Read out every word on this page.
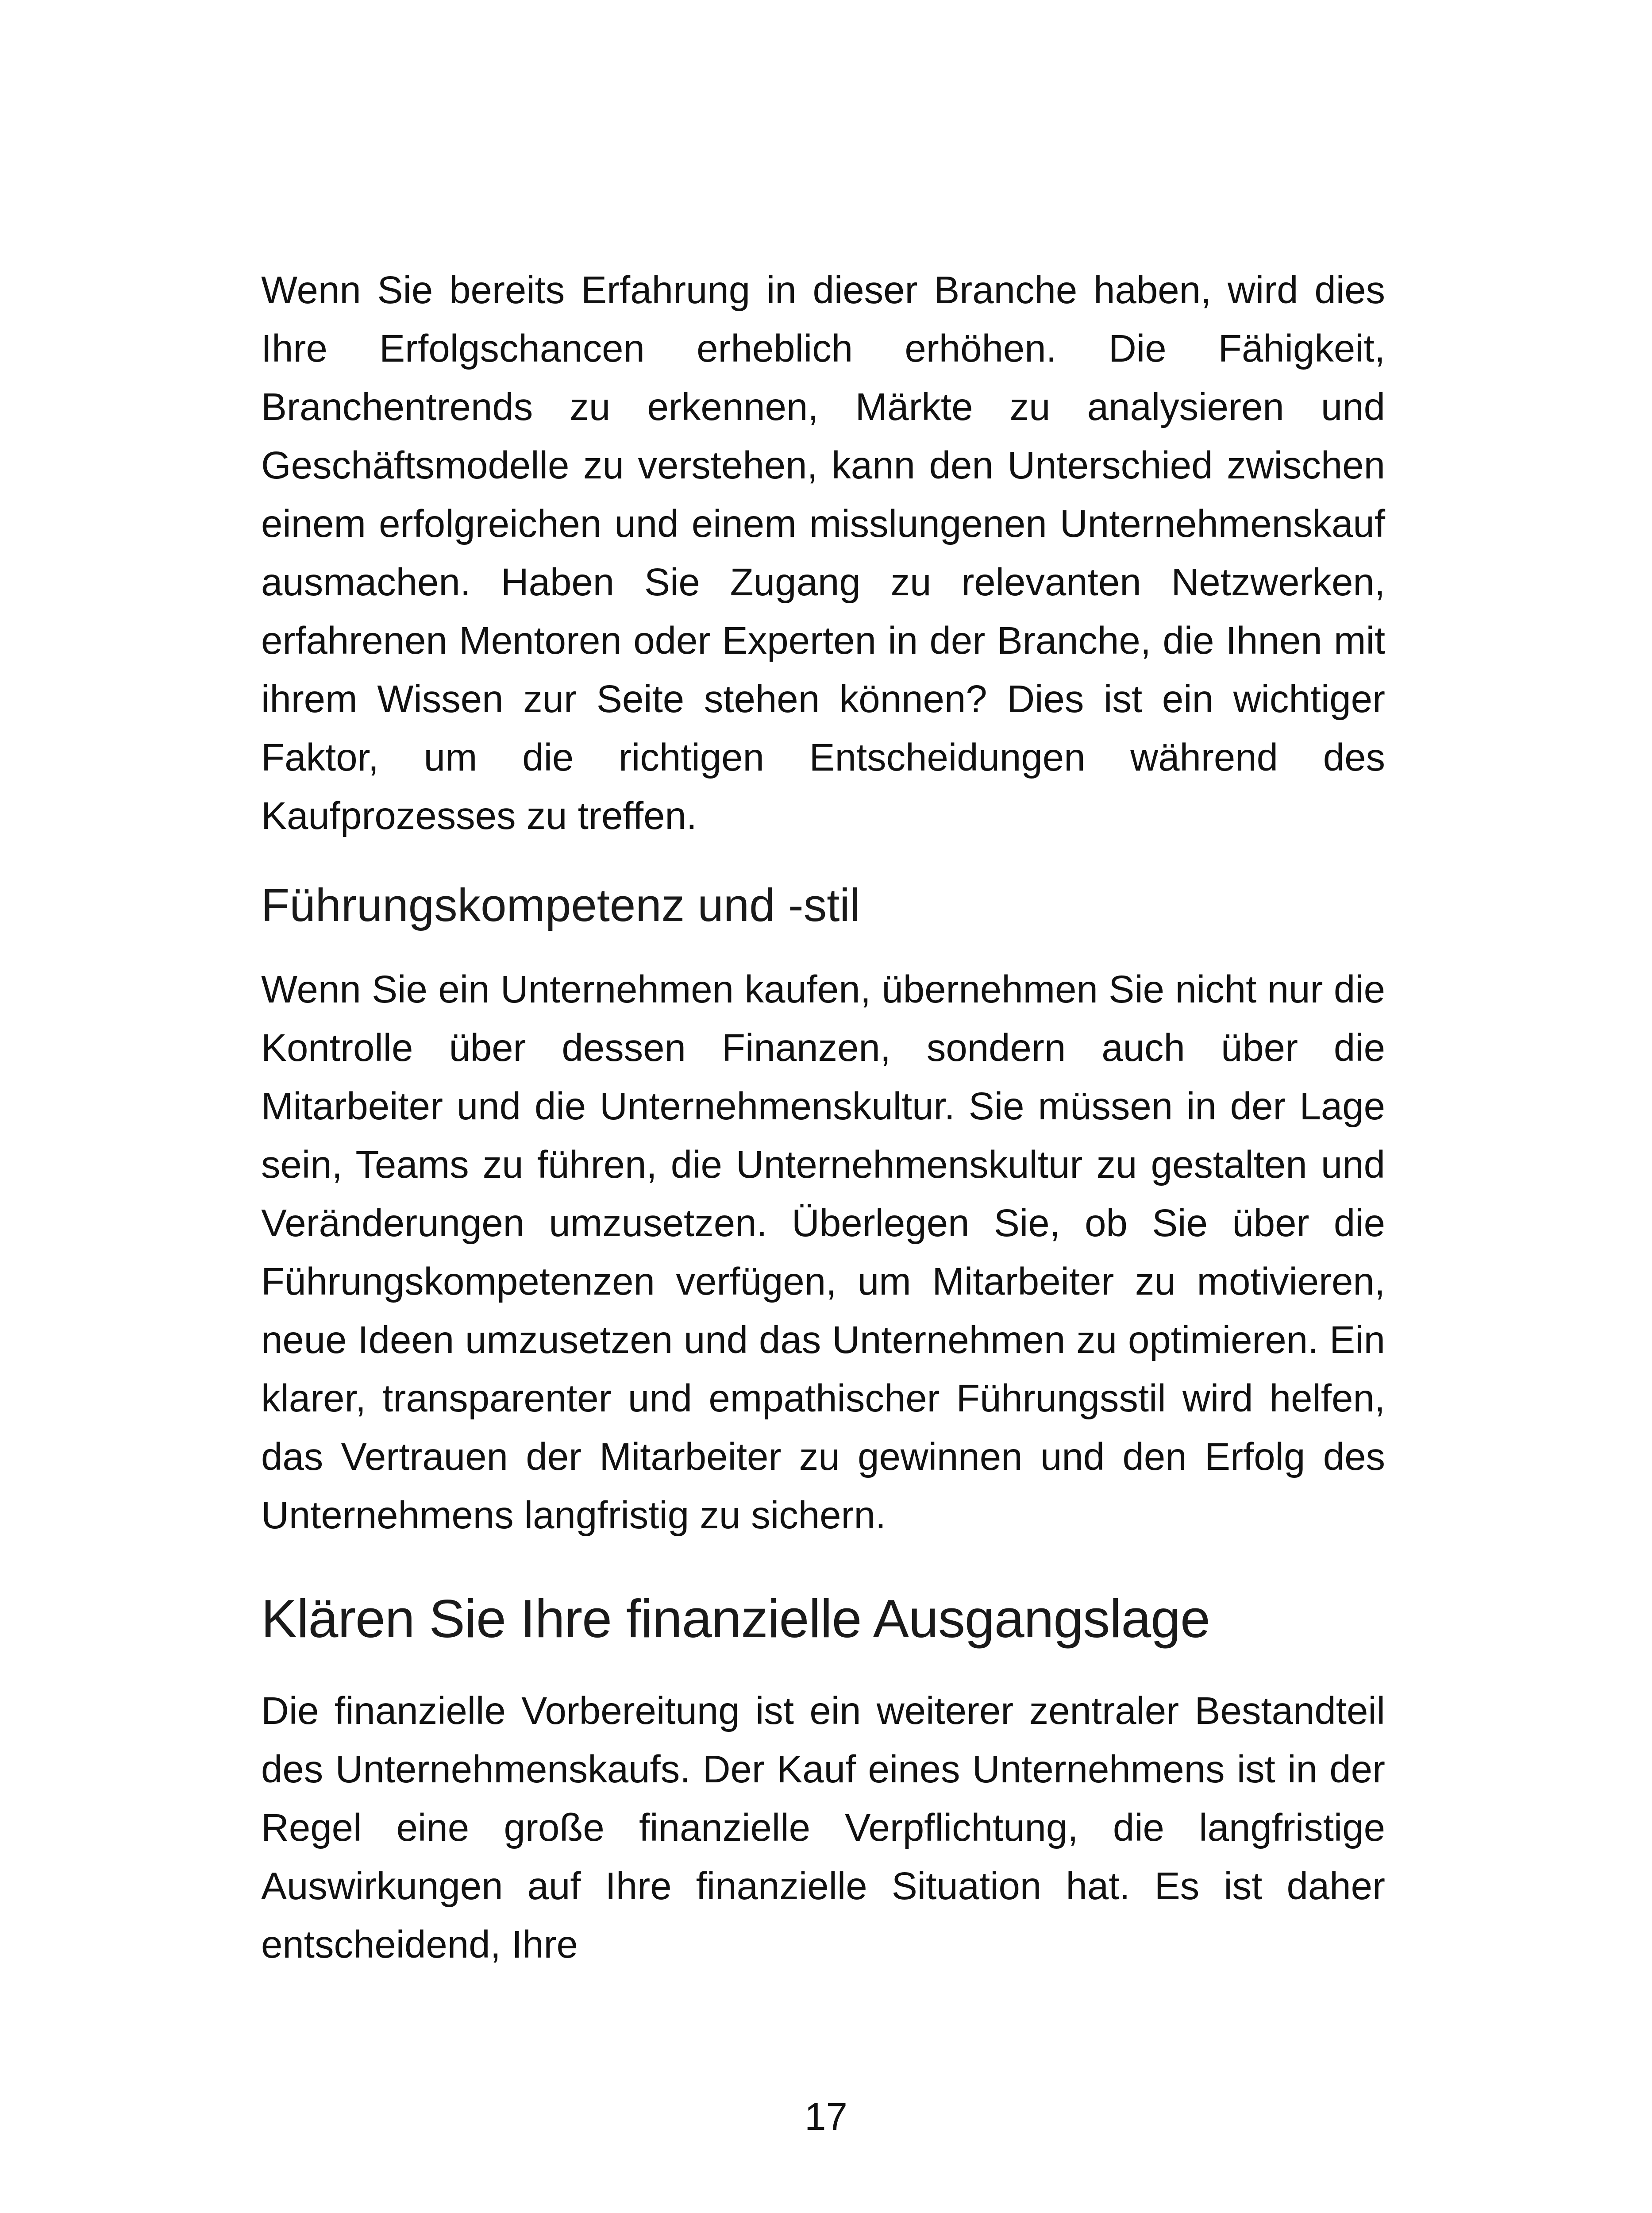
Wenn Sie bereits Erfahrung in dieser Branche haben, wird dies Ihre Erfolgschancen erheblich erhöhen. Die Fähigkeit, Branchentrends zu erkennen, Märkte zu analysieren und Geschäftsmodelle zu verstehen, kann den Unterschied zwischen einem erfolgreichen und einem misslungenen Unternehmenskauf ausmachen. Haben Sie Zugang zu relevanten Netzwerken, erfahrenen Mentoren oder Experten in der Branche, die Ihnen mit ihrem Wissen zur Seite stehen können? Dies ist ein wichtiger Faktor, um die richtigen Entscheidungen während des Kaufprozesses zu treffen.

Führungskompetenz und -stil

Wenn Sie ein Unternehmen kaufen, übernehmen Sie nicht nur die Kontrolle über dessen Finanzen, sondern auch über die Mitarbeiter und die Unternehmenskultur. Sie müssen in der Lage sein, Teams zu führen, die Unternehmenskultur zu gestalten und Veränderungen umzusetzen. Überlegen Sie, ob Sie über die Führungskompetenzen verfügen, um Mitarbeiter zu motivieren, neue Ideen umzusetzen und das Unternehmen zu optimieren. Ein klarer, transparenter und empathischer Führungsstil wird helfen, das Vertrauen der Mitarbeiter zu gewinnen und den Erfolg des Unternehmens langfristig zu sichern.

Klären Sie Ihre finanzielle Ausgangslage

Die finanzielle Vorbereitung ist ein weiterer zentraler Bestandteil des Unternehmenskaufs. Der Kauf eines Unternehmens ist in der Regel eine große finanzielle Verpflichtung, die langfristige Auswirkungen auf Ihre finanzielle Situation hat. Es ist daher entscheidend, Ihre

17
